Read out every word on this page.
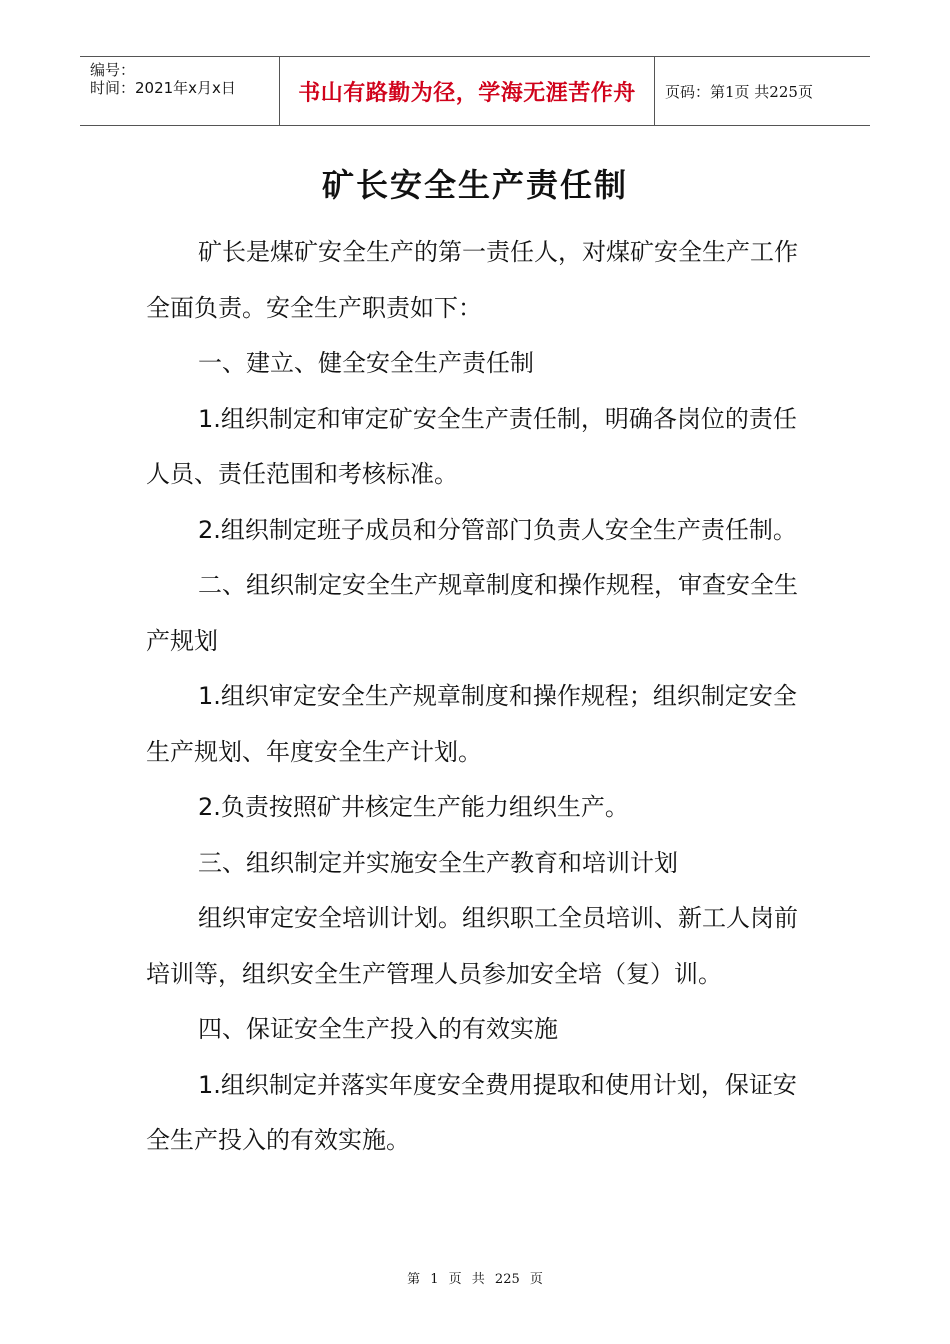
编号：
时间：2021年x月x日	书山有路勤为径，学海无涯苦作舟	页码：第1页 共225页
矿长安全生产责任制

矿长是煤矿安全生产的第一责任人，对煤矿安全生产工作全面负责。安全生产职责如下：

一、建立、健全安全生产责任制

1.组织制定和审定矿安全生产责任制，明确各岗位的责任人员、责任范围和考核标准。

2.组织制定班子成员和分管部门负责人安全生产责任制。

二、组织制定安全生产规章制度和操作规程，审查安全生产规划

1.组织审定安全生产规章制度和操作规程；组织制定安全生产规划、年度安全生产计划。

2.负责按照矿井核定生产能力组织生产。

三、组织制定并实施安全生产教育和培训计划

组织审定安全培训计划。组织职工全员培训、新工人岗前培训等，组织安全生产管理人员参加安全培（复）训。

四、保证安全生产投入的有效实施

1.组织制定并落实年度安全费用提取和使用计划，保证安全生产投入的有效实施。

第 1 页 共 225 页
